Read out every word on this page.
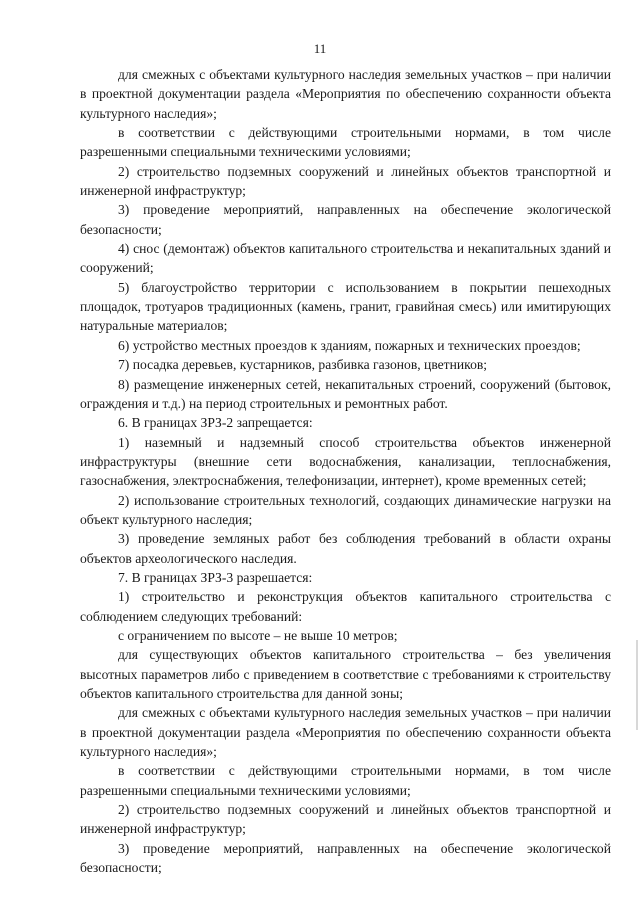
11

для смежных с объектами культурного наследия земельных участков – при наличии в проектной документации раздела «Мероприятия по обеспечению сохранности объекта культурного наследия»;

в соответствии с действующими строительными нормами, в том числе разрешенными специальными техническими условиями;

2) строительство подземных сооружений и линейных объектов транспортной и инженерной инфраструктур;

3) проведение мероприятий, направленных на обеспечение экологической безопасности;

4) снос (демонтаж) объектов капитального строительства и некапитальных зданий и сооружений;

5) благоустройство территории с использованием в покрытии пешеходных площадок, тротуаров традиционных (камень, гранит, гравийная смесь) или имитирующих натуральные материалов;

6) устройство местных проездов к зданиям, пожарных и технических проездов;

7) посадка деревьев, кустарников, разбивка газонов, цветников;

8) размещение инженерных сетей, некапитальных строений, сооружений (бытовок, ограждения и т.д.) на период строительных и ремонтных работ.

6. В границах ЗРЗ-2 запрещается:

1) наземный и надземный способ строительства объектов инженерной инфраструктуры (внешние сети водоснабжения, канализации, теплоснабжения, газоснабжения, электроснабжения, телефонизации, интернет), кроме временных сетей;

2) использование строительных технологий, создающих динамические нагрузки на объект культурного наследия;

3) проведение земляных работ без соблюдения требований в области охраны объектов археологического наследия.

7. В границах ЗРЗ-3 разрешается:

1) строительство и реконструкция объектов капитального строительства с соблюдением следующих требований:

с ограничением по высоте – не выше 10 метров;

для существующих объектов капитального строительства – без увеличения высотных параметров либо с приведением в соответствие с требованиями к строительству объектов капитального строительства для данной зоны;

для смежных с объектами культурного наследия земельных участков – при наличии в проектной документации раздела «Мероприятия по обеспечению сохранности объекта культурного наследия»;

в соответствии с действующими строительными нормами, в том числе разрешенными специальными техническими условиями;

2) строительство подземных сооружений и линейных объектов транспортной и инженерной инфраструктур;

3) проведение мероприятий, направленных на обеспечение экологической безопасности;
